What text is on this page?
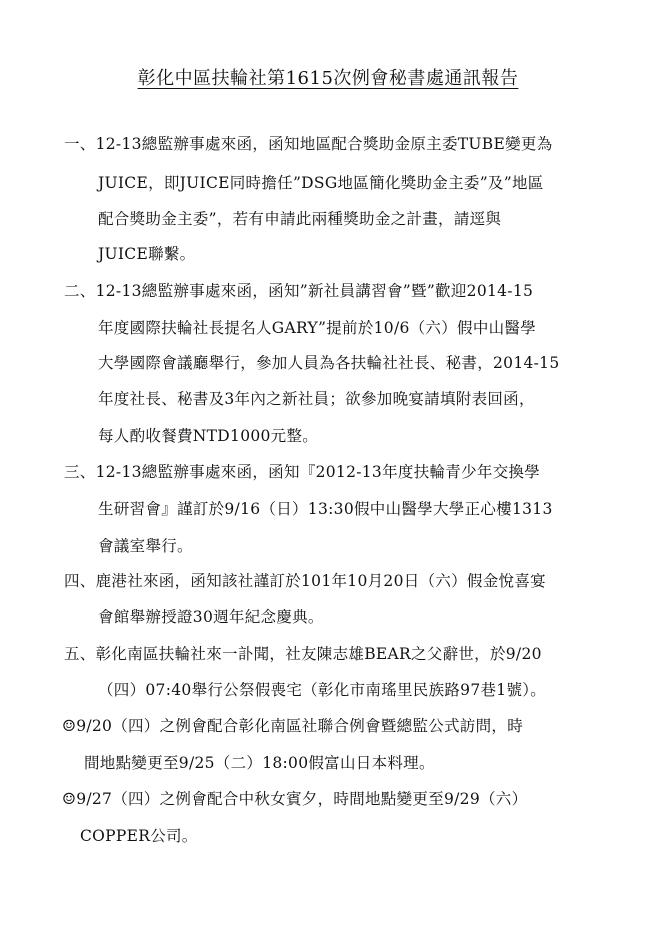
彰化中區扶輪社第1615次例會秘書處通訊報告
一、12-13總監辦事處來函，函知地區配合獎助金原主委TUBE變更為
JUICE，即JUICE同時擔任”DSG地區簡化獎助金主委”及”地區
配合獎助金主委”，若有申請此兩種獎助金之計畫，請逕與
JUICE聯繫。
二、12-13總監辦事處來函，函知”新社員講習會”暨”歡迎2014-15
年度國際扶輪社長提名人GARY”提前於10/6（六）假中山醫學
大學國際會議廳舉行，參加人員為各扶輪社社長、秘書，2014-15
年度社長、秘書及3年內之新社員；欲參加晚宴請填附表回函，
每人酌收餐費NTD1000元整。
三、12-13總監辦事處來函，函知『2012-13年度扶輪青少年交換學
生研習會』謹訂於9/16（日）13:30假中山醫學大學正心樓1313
會議室舉行。
四、鹿港社來函，函知該社謹訂於101年10月20日（六）假金悅喜宴
會館舉辦授證30週年紀念慶典。
五、彰化南區扶輪社來一訃聞，社友陳志雄BEAR之父辭世，於9/20
（四）07:40舉行公祭假喪宅（彰化市南瑤里民族路97巷1號）。
☺9/20（四）之例會配合彰化南區社聯合例會暨總監公式訪問，時
間地點變更至9/25（二）18:00假富山日本料理。
☺9/27（四）之例會配合中秋女賓夕，時間地點變更至9/29（六）
COPPER公司。
